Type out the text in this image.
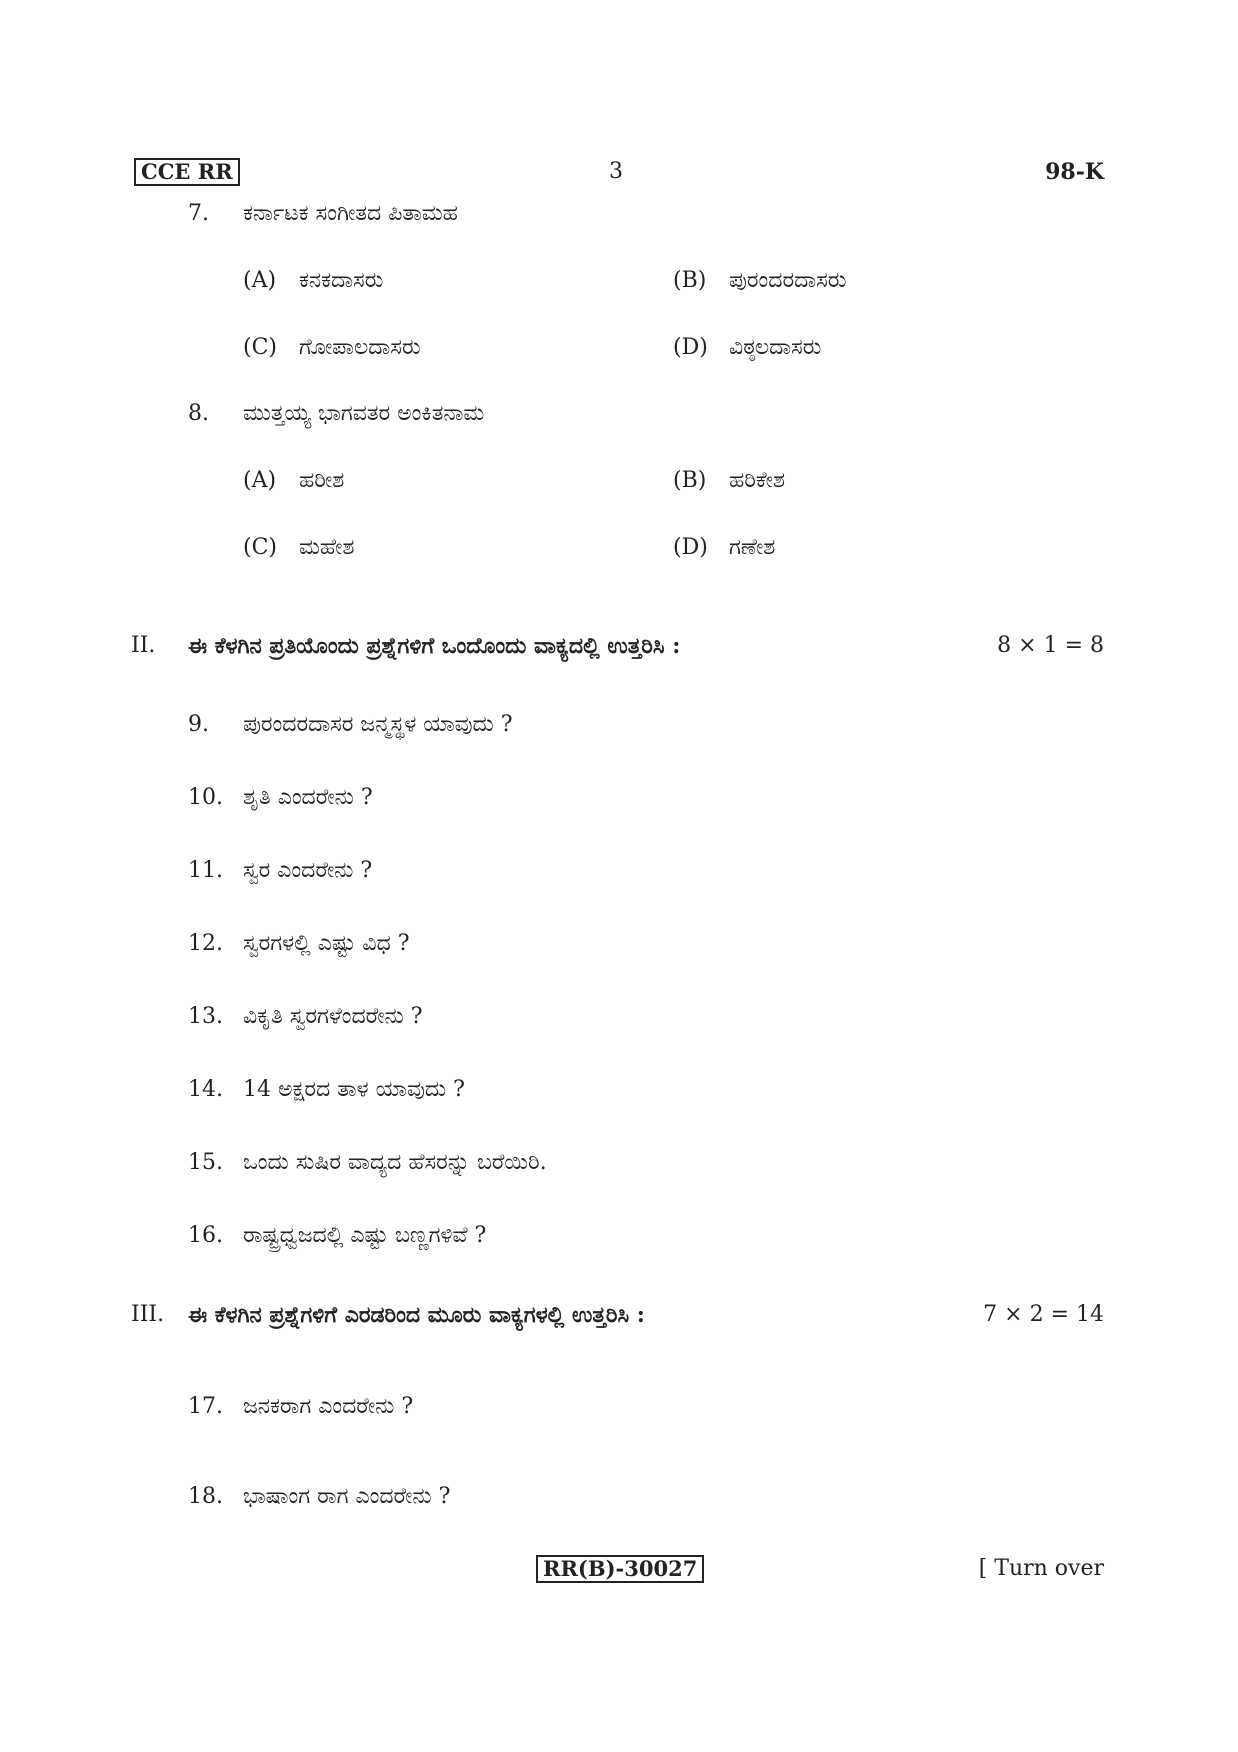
CCE RR	3	98-K
7. ಕರ್ನಾಟಕ ಸಂಗೀತದ ಪಿತಾಮಹ
(A) ಕನಕದಾಸರು	(B) ಪುರಂದರದಾಸರು
(C) ಗೋಪಾಲದಾಸರು	(D) ವಿಠ್ಠಲದಾಸರು
8. ಮುತ್ತಯ್ಯ ಭಾಗವತರ ಅಂಕಿತನಾಮ
(A) ಹರೀಶ	(B) ಹರಿಕೇಶ
(C) ಮಹೇಶ	(D) ಗಣೇಶ
II. ಈ ಕೆಳಗಿನ ಪ್ರತಿಯೊಂದು ಪ್ರಶ್ನೆಗಳಿಗೆ ಒಂದೊಂದು ವಾಕ್ಯದಲ್ಲಿ ಉತ್ತರಿಸಿ :	8 × 1 = 8
9. ಪುರಂದರದಾಸರ ಜನ್ಮಸ್ಥಳ ಯಾವುದು ?
10. ಶೃತಿ ಎಂದರೇನು ?
11. ಸ್ವರ ಎಂದರೇನು ?
12. ಸ್ವರಗಳಲ್ಲಿ ಎಷ್ಟು ವಿಧ ?
13. ವಿಕೃತಿ ಸ್ವರಗಳೆಂದರೇನು ?
14. 14 ಅಕ್ಷರದ ತಾಳ ಯಾವುದು ?
15. ಒಂದು ಸುಷಿರ ವಾದ್ಯದ ಹೆಸರನ್ನು ಬರೆಯಿರಿ.
16. ರಾಷ್ಟ್ರಧ್ವಜದಲ್ಲಿ ಎಷ್ಟು ಬಣ್ಣಗಳಿವೆ ?
III. ಈ ಕೆಳಗಿನ ಪ್ರಶ್ನೆಗಳಿಗೆ ಎರಡರಿಂದ ಮೂರು ವಾಕ್ಯಗಳಲ್ಲಿ ಉತ್ತರಿಸಿ :	7 × 2 = 14
17. ಜನಕರಾಗ ಎಂದರೇನು ?
18. ಭಾಷಾಂಗ ರಾಗ ಎಂದರೇನು ?
RR(B)-30027	[ Turn over
